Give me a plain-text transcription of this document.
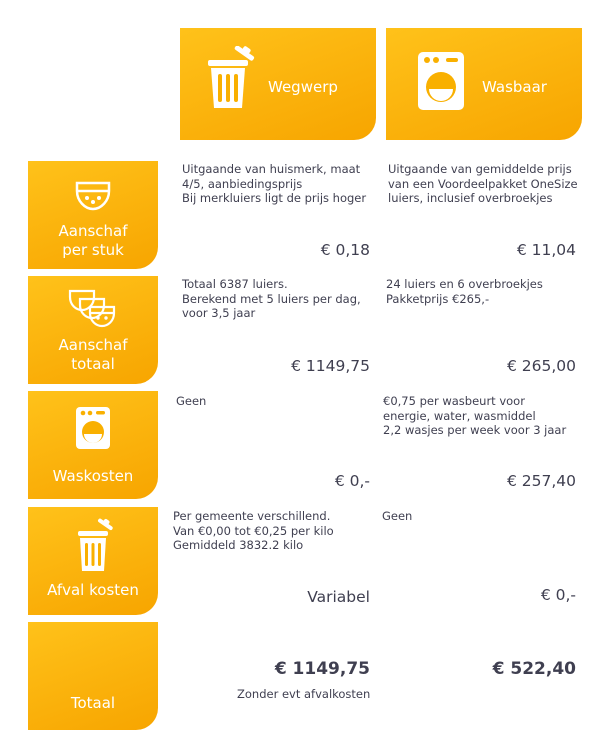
Wegwerp	Wasbaar
Aanschaf
per stuk
Uitgaande van huismerk, maat
4/5, aanbiedingsprijs
Bij merkluiers ligt de prijs hoger
€ 0,18
Uitgaande van gemiddelde prijs
van een Voordeelpakket OneSize
luiers, inclusief overbroekjes
€ 11,04
Aanschaf
totaal
Totaal 6387 luiers.
Berekend met 5 luiers per dag,
voor 3,5 jaar
€ 1149,75
24 luiers en 6 overbroekjes
Pakketprijs €265,-
€ 265,00
Waskosten
Geen
€ 0,-
€0,75 per wasbeurt voor
energie, water, wasmiddel
2,2 wasjes per week voor 3 jaar
€ 257,40
Afval kosten
Per gemeente verschillend.
Van €0,00 tot €0,25 per kilo
Gemiddeld 3832.2 kilo
Variabel
Geen
€ 0,-
Totaal
€ 1149,75
Zonder evt afvalkosten
€ 522,40
